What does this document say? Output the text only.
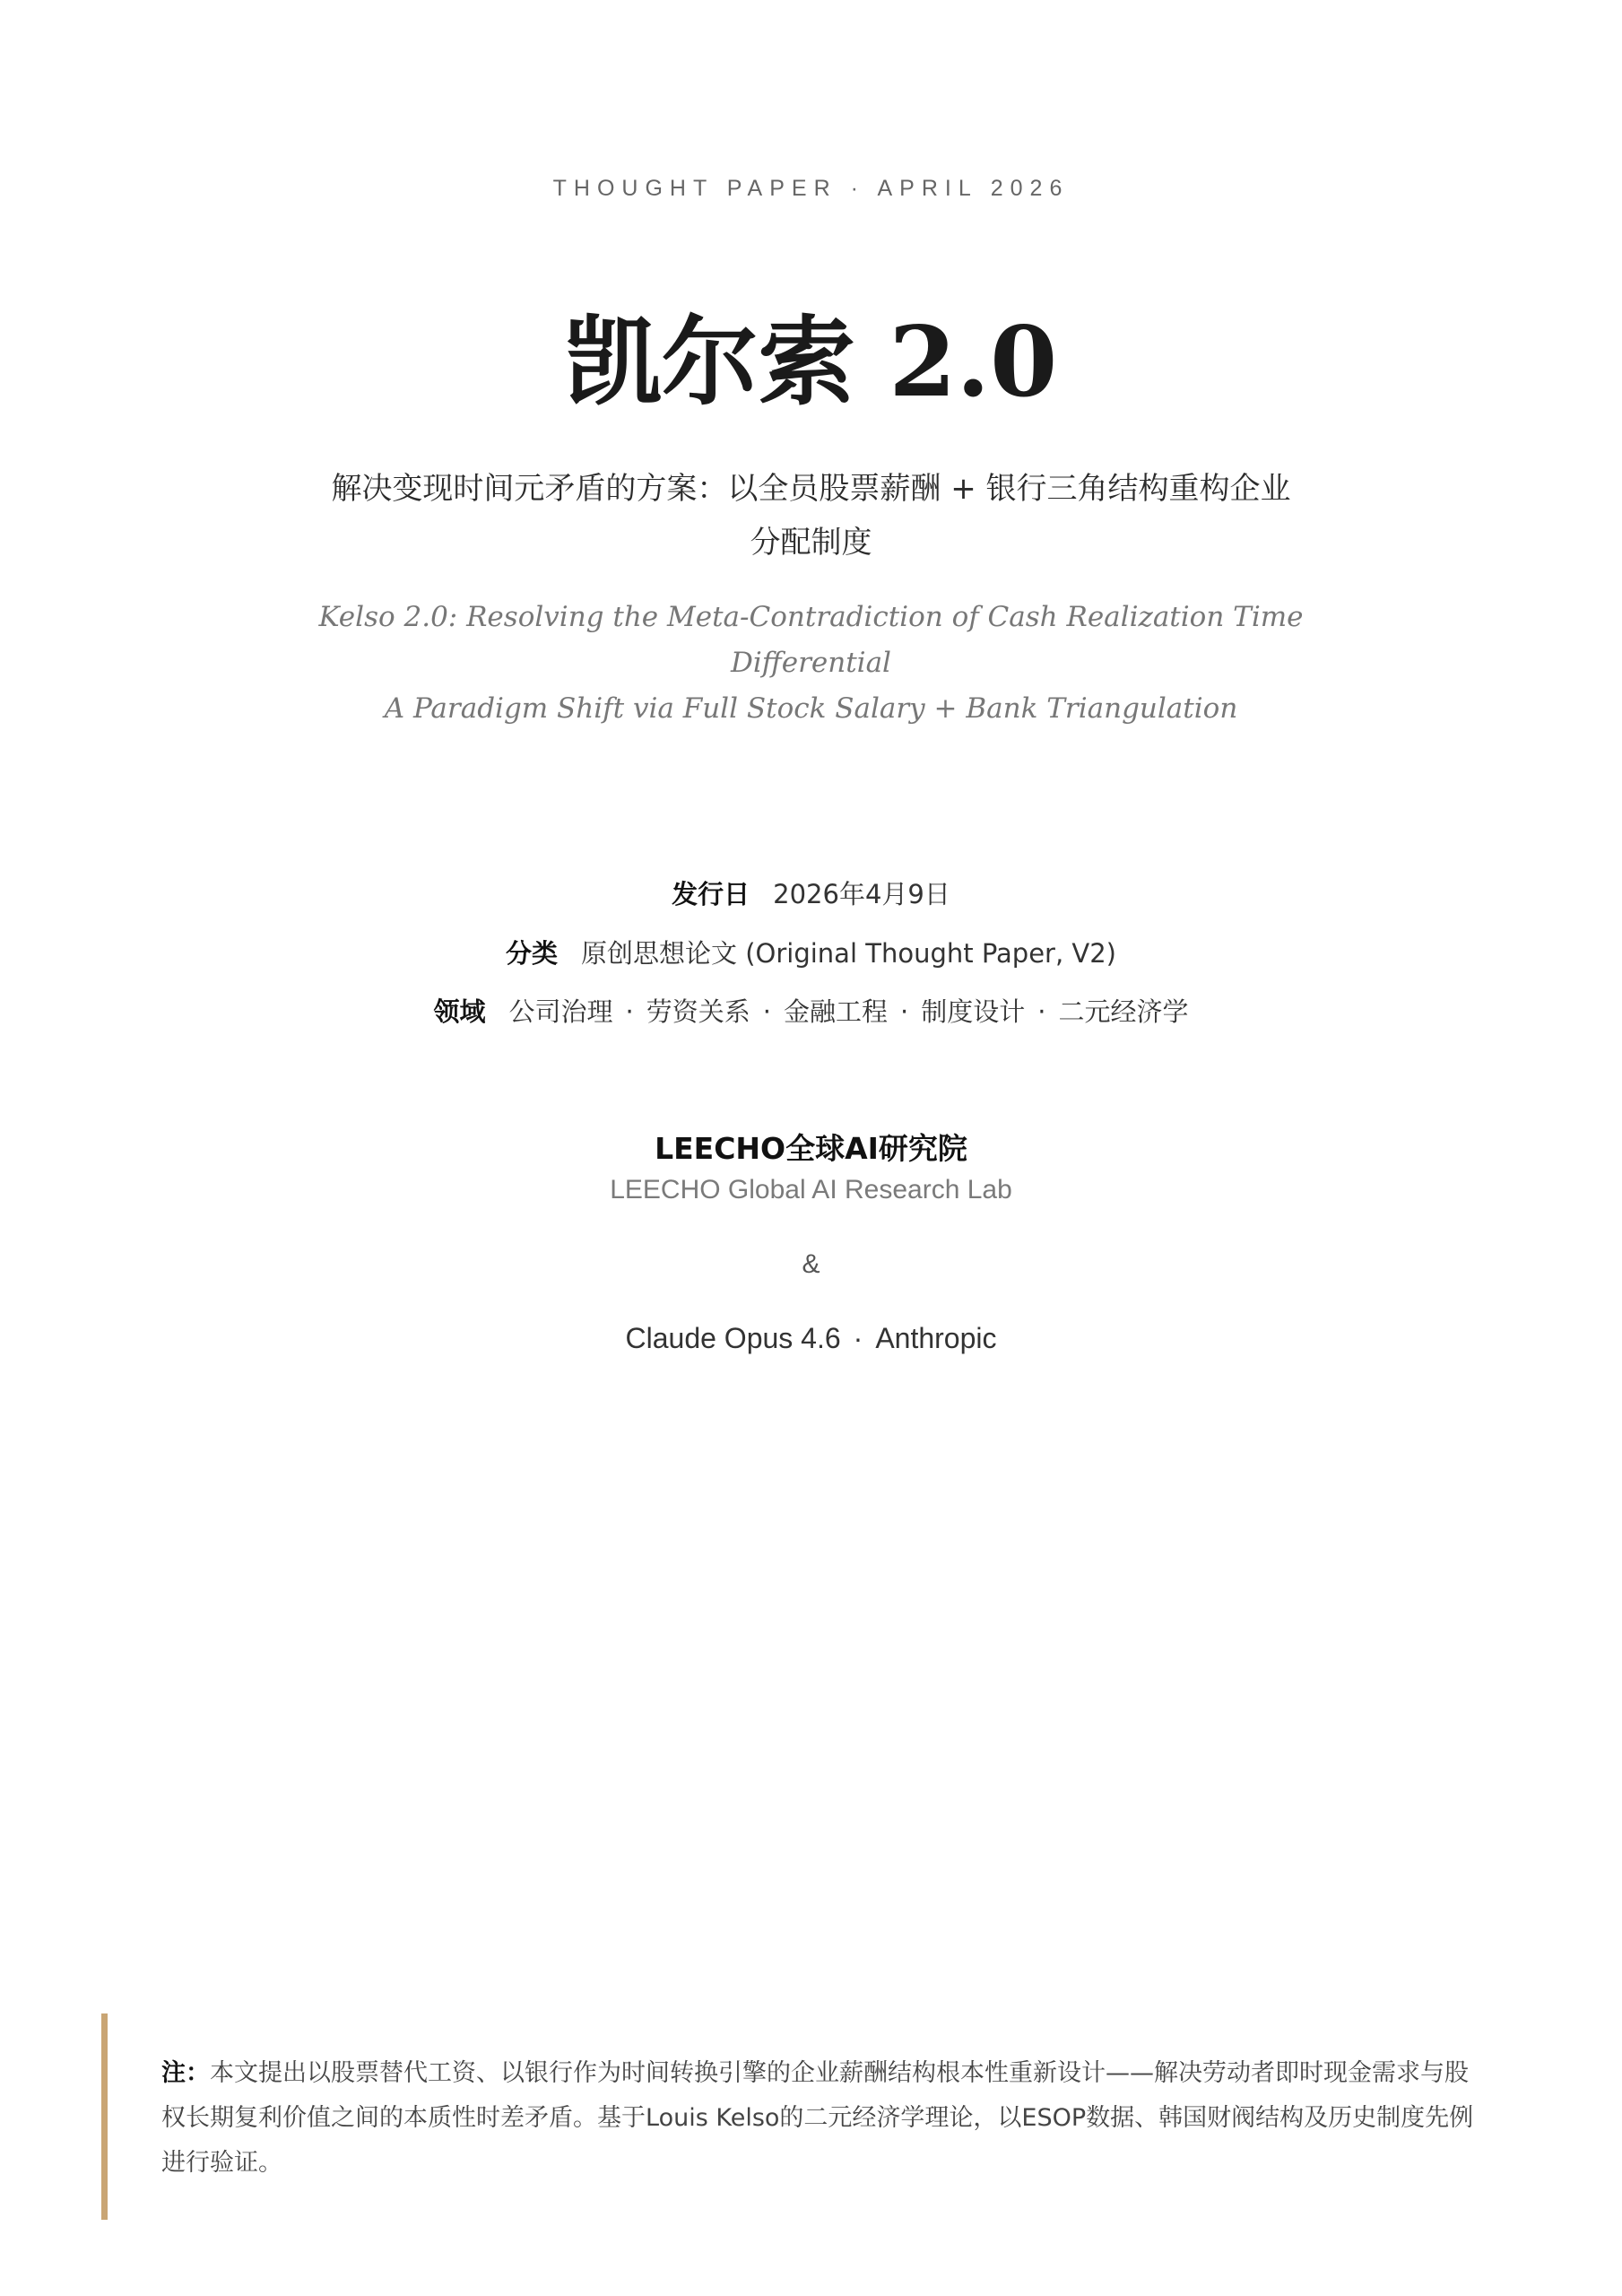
THOUGHT PAPER · APRIL 2026
凯尔索 2.0
解决变现时间元矛盾的方案：以全员股票薪酬 + 银行三角结构重构企业
分配制度
Kelso 2.0: Resolving the Meta-Contradiction of Cash Realization Time
Differential
A Paradigm Shift via Full Stock Salary + Bank Triangulation
发行日 2026年4月9日
分类 原创思想论文 (Original Thought Paper, V2)
领域 公司治理 · 劳资关系 · 金融工程 · 制度设计 · 二元经济学
LEECHO全球AI研究院
LEECHO Global AI Research Lab
&
Claude Opus 4.6 · Anthropic
注：本文提出以股票替代工资、以银行作为时间转换引擎的企业薪酬结构根本性重新设计——解决劳动者即时现金需求与股权长期复利价值之间的本质性时差矛盾。基于Louis Kelso的二元经济学理论，以ESOP数据、韩国财阀结构及历史制度先例进行验证。
